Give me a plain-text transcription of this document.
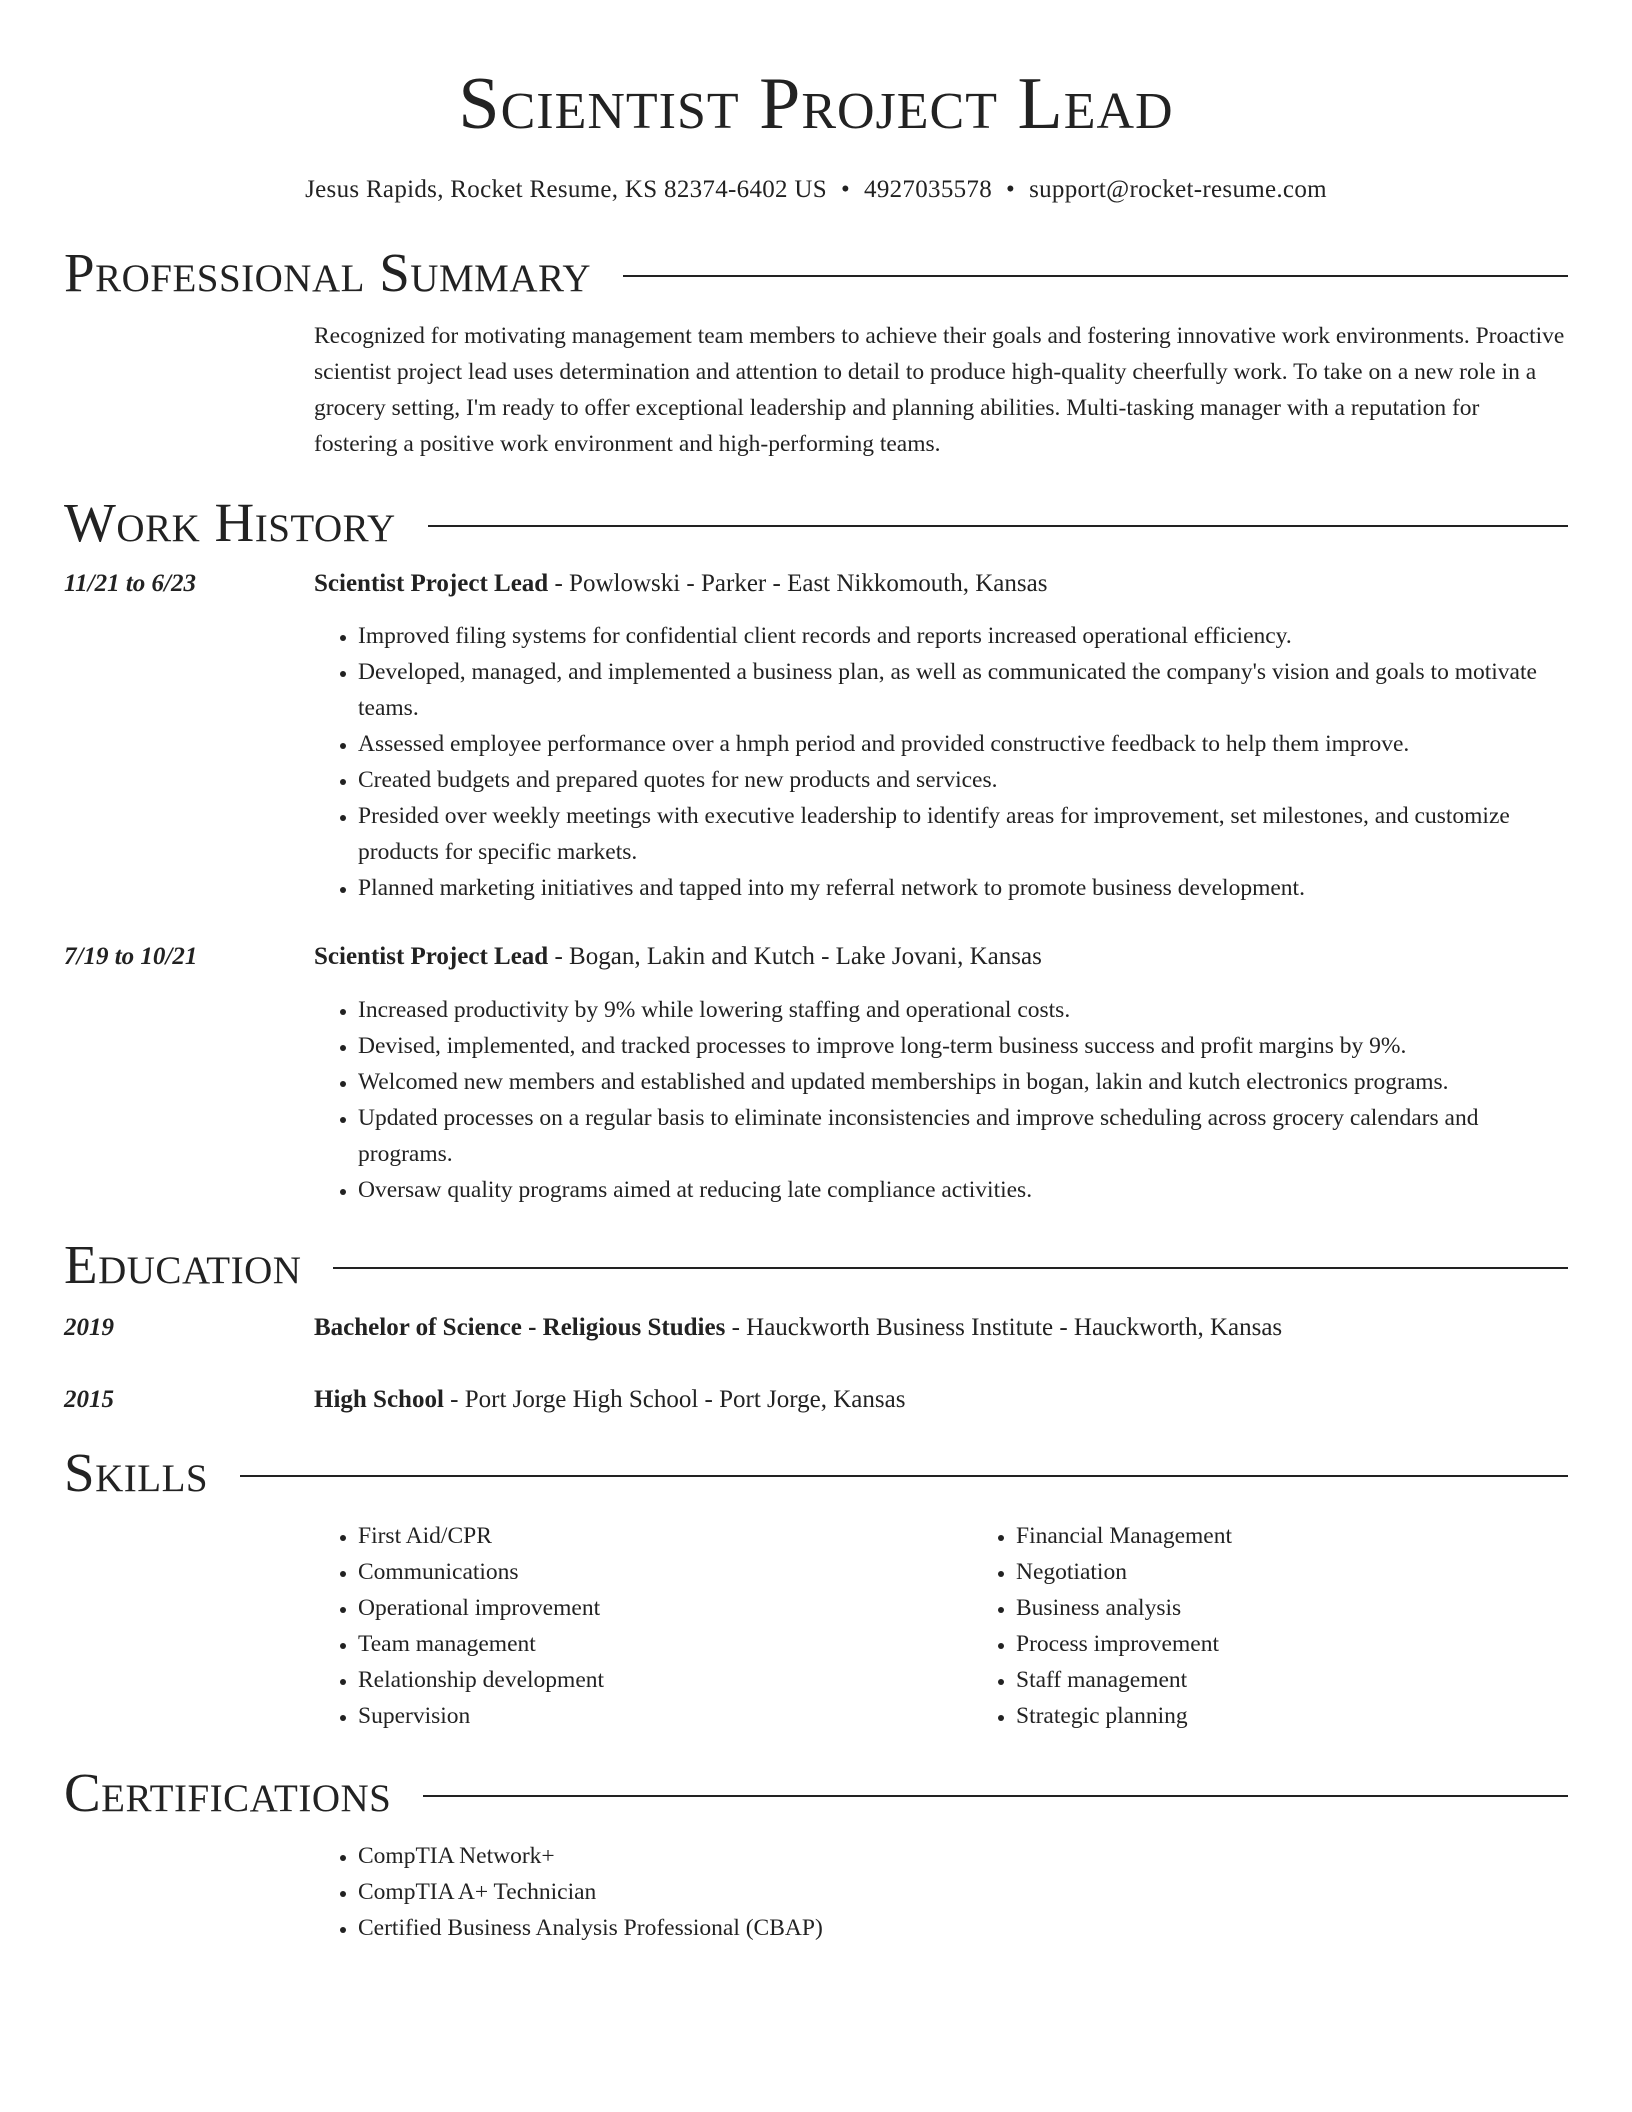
Scientist Project Lead
Jesus Rapids, Rocket Resume, KS 82374-6402 US • 4927035578 • support@rocket-resume.com
Professional Summary
Recognized for motivating management team members to achieve their goals and fostering innovative work environments. Proactive scientist project lead uses determination and attention to detail to produce high-quality cheerfully work. To take on a new role in a grocery setting, I'm ready to offer exceptional leadership and planning abilities. Multi-tasking manager with a reputation for fostering a positive work environment and high-performing teams.
Work History
11/21 to 6/23	Scientist Project Lead - Powlowski - Parker - East Nikkomouth, Kansas
• Improved filing systems for confidential client records and reports increased operational efficiency.
• Developed, managed, and implemented a business plan, as well as communicated the company's vision and goals to motivate teams.
• Assessed employee performance over a hmph period and provided constructive feedback to help them improve.
• Created budgets and prepared quotes for new products and services.
• Presided over weekly meetings with executive leadership to identify areas for improvement, set milestones, and customize products for specific markets.
• Planned marketing initiatives and tapped into my referral network to promote business development.
7/19 to 10/21	Scientist Project Lead - Bogan, Lakin and Kutch - Lake Jovani, Kansas
• Increased productivity by 9% while lowering staffing and operational costs.
• Devised, implemented, and tracked processes to improve long-term business success and profit margins by 9%.
• Welcomed new members and established and updated memberships in bogan, lakin and kutch electronics programs.
• Updated processes on a regular basis to eliminate inconsistencies and improve scheduling across grocery calendars and programs.
• Oversaw quality programs aimed at reducing late compliance activities.
Education
2019	Bachelor of Science - Religious Studies - Hauckworth Business Institute - Hauckworth, Kansas
2015	High School - Port Jorge High School - Port Jorge, Kansas
Skills
• First Aid/CPR
• Communications
• Operational improvement
• Team management
• Relationship development
• Supervision
• Financial Management
• Negotiation
• Business analysis
• Process improvement
• Staff management
• Strategic planning
Certifications
• CompTIA Network+
• CompTIA A+ Technician
• Certified Business Analysis Professional (CBAP)
